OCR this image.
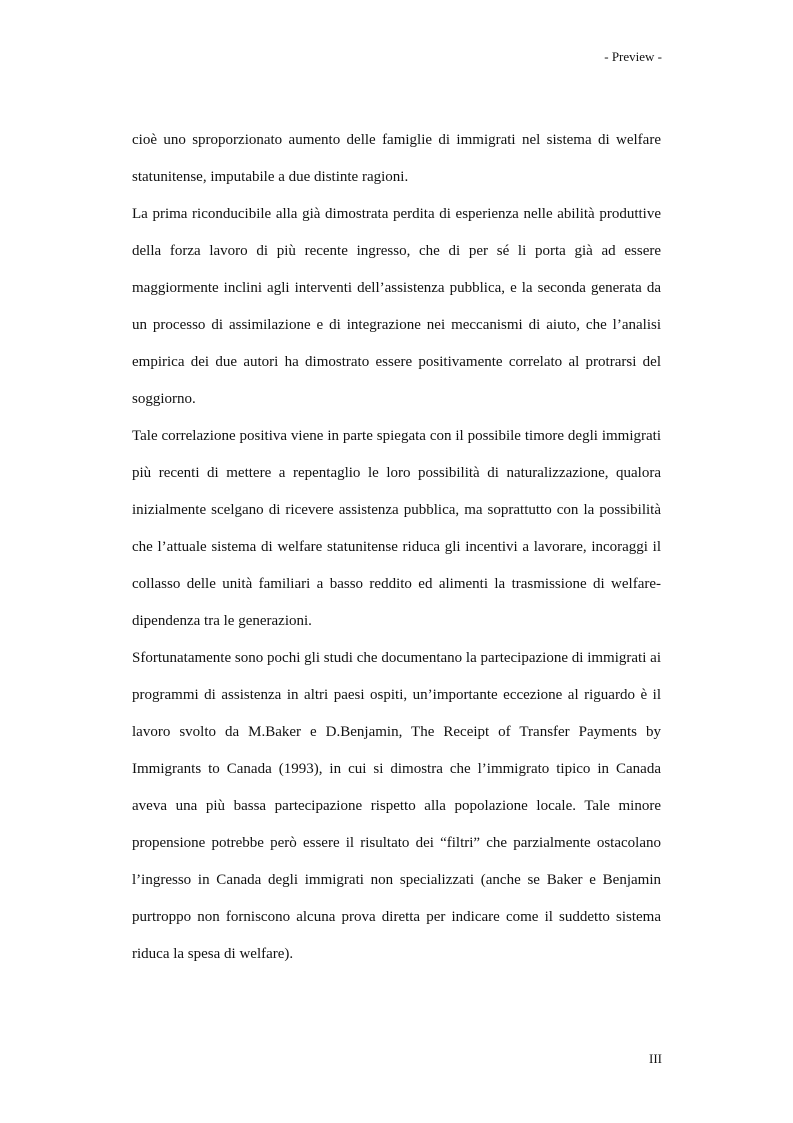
- Preview -

cioè uno sproporzionato aumento delle famiglie di immigrati nel sistema di welfare statunitense, imputabile a due distinte ragioni.

La prima riconducibile alla già dimostrata perdita di esperienza nelle abilità produttive della forza lavoro di più recente ingresso, che di per sé li porta già ad essere maggiormente inclini agli interventi dell’assistenza pubblica, e la seconda generata da un processo di assimilazione e di integrazione nei meccanismi di aiuto, che l’analisi empirica dei due autori ha dimostrato essere positivamente correlato al protrarsi del soggiorno.

Tale correlazione positiva viene in parte spiegata con il possibile timore degli immigrati più recenti di mettere a repentaglio le loro possibilità di naturalizzazione, qualora inizialmente scelgano di ricevere assistenza pubblica, ma soprattutto con la possibilità che l’attuale sistema di welfare statunitense riduca gli incentivi a lavorare, incoraggi il collasso delle unità familiari a basso reddito ed alimenti la trasmissione di welfare-dipendenza tra le generazioni.

Sfortunatamente sono pochi gli studi che documentano la partecipazione di immigrati ai programmi di assistenza in altri paesi ospiti, un’importante eccezione al riguardo è il lavoro svolto da M.Baker e D.Benjamin, The Receipt of Transfer Payments by Immigrants to Canada (1993), in cui si dimostra che l’immigrato tipico in Canada aveva una più bassa partecipazione rispetto alla popolazione locale. Tale minore propensione potrebbe però essere il risultato dei “filtri” che parzialmente ostacolano l’ingresso in Canada degli immigrati non specializzati (anche se Baker e Benjamin purtroppo non forniscono alcuna prova diretta per indicare come il suddetto sistema riduca la spesa di welfare).

III
